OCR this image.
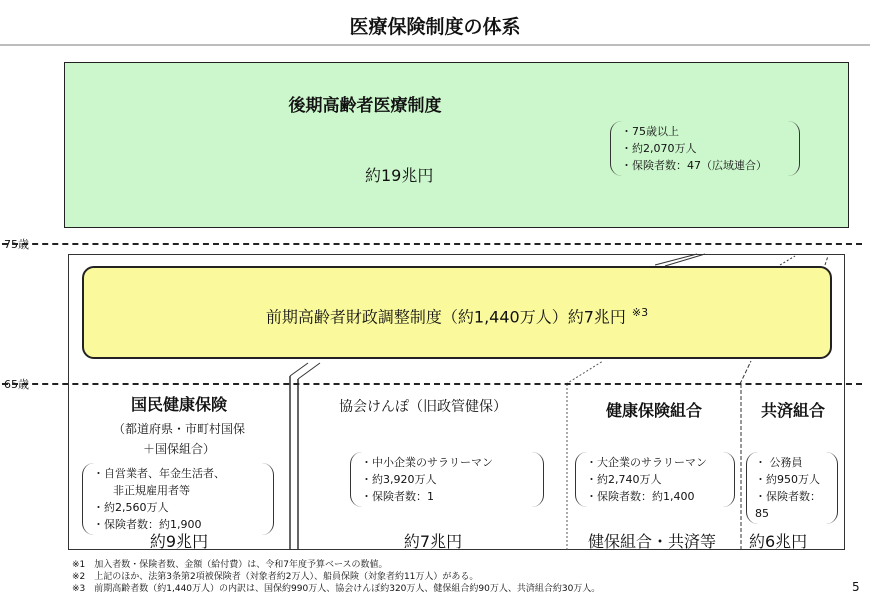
医療保険制度の体系
後期高齢者医療制度
約19兆円
・75歳以上
・約2,070万人
・保険者数：47（広域連合）
75歳
前期高齢者財政調整制度（約1,440万人）約7兆円 $^{※3}$
65歳
国民健康保険
（都道府県・市町村国保
＋国保組合）
・自営業者、年金生活者、
非正規雇用者等
・約2,560万人
・保険者数：約1,900
約9兆円
協会けんぽ（旧政管健保）
・中小企業のサラリーマン
・約3,920万人
・保険者数：1
約7兆円
健康保険組合
・大企業のサラリーマン
・約2,740万人
・保険者数：約1,400
共済組合
・ 公務員
・約950万人
・保険者数：85
健保組合・共済等 約6兆円
※1　加入者数・保険者数、金額（給付費）は、令和7年度予算ベースの数値。
※2　上記のほか、法第3条第2項被保険者（対象者約2万人）、船員保険（対象者約11万人）がある。
※3　前期高齢者数（約1,440万人）の内訳は、国保約990万人、協会けんぽ約320万人、健保組合約90万人、共済組合約30万人。	5
